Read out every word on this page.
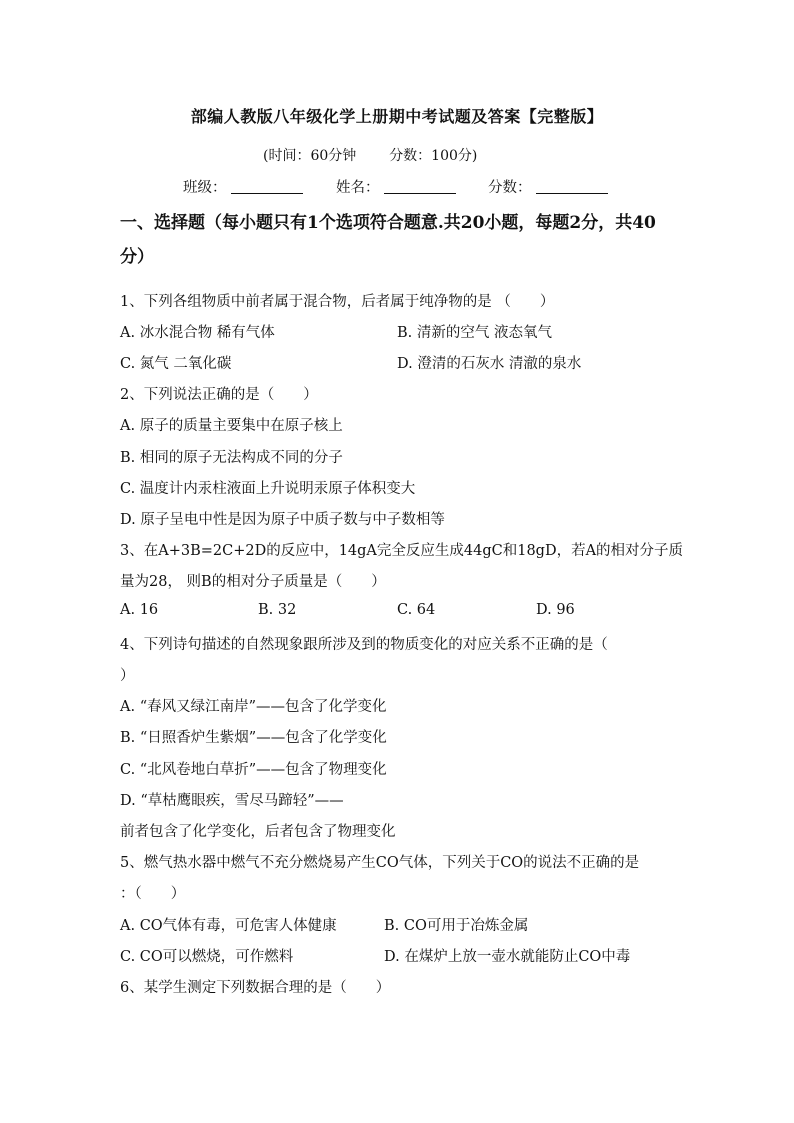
部编人教版八年级化学上册期中考试题及答案【完整版】
(时间：60分钟 分数：100分)
班级：	姓名：	分数：
一、选择题（每小题只有1个选项符合题意.共20小题，每题2分，共40分）
1、下列各组物质中前者属于混合物，后者属于纯净物的是 （　　）
A. 冰水混合物 稀有气体	B. 清新的空气 液态氧气
C. 氮气 二氧化碳	D. 澄清的石灰水 清澈的泉水
2、下列说法正确的是（　　）
A. 原子的质量主要集中在原子核上
B. 相同的原子无法构成不同的分子
C. 温度计内汞柱液面上升说明汞原子体积变大
D. 原子呈电中性是因为原子中质子数与中子数相等
3、在A+3B=2C+2D的反应中，14gA完全反应生成44gC和18gD，若A的相对分子质
量为28， 则B的相对分子质量是（　　）
A. 16	B. 32	C. 64	D. 96
4、下列诗句描述的自然现象跟所涉及到的物质变化的对应关系不正确的是（
）
A. “春风又绿江南岸”——包含了化学变化
B. “日照香炉生紫烟”——包含了化学变化
C. “北风卷地白草折”——包含了物理变化
D. “草枯鹰眼疾，雪尽马蹄轻”——
前者包含了化学变化，后者包含了物理变化
5、燃气热水器中燃气不充分燃烧易产生CO气体，下列关于CO的说法不正确的是
：（　　）
A. CO气体有毒，可危害人体健康	B. CO可用于冶炼金属
C. CO可以燃烧，可作燃料	D. 在煤炉上放一壶水就能防止CO中毒
6、某学生测定下列数据合理的是（　　）
